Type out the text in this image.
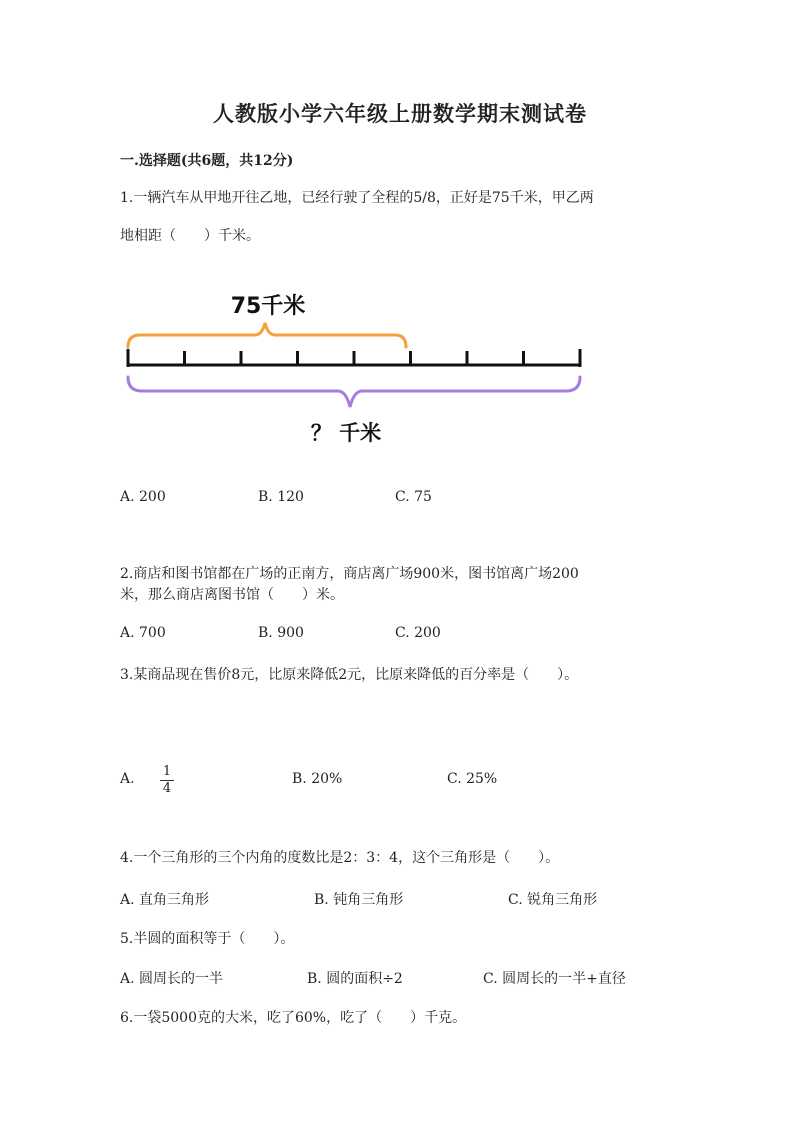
人教版小学六年级上册数学期末测试卷
一.选择题(共6题，共12分)
1.一辆汽车从甲地开往乙地，已经行驶了全程的5/8，正好是75千米，甲乙两
地相距（　　）千米。
75千米
？ 千米
A. 200	B. 120	C. 75
2.商店和图书馆都在广场的正南方，商店离广场900米，图书馆离广场200
米，那么商店离图书馆（　　）米。
A. 700	B. 900	C. 200
3.某商品现在售价8元，比原来降低2元，比原来降低的百分率是（　　）。
A. 1
4
B. 20%	C. 25%
4.一个三角形的三个内角的度数比是2：3：4，这个三角形是（　　）。
A. 直角三角形	B. 钝角三角形	C. 锐角三角形
5.半圆的面积等于（　　）。
A. 圆周长的一半	B. 圆的面积÷2	C. 圆周长的一半+直径
6.一袋5000克的大米，吃了60%，吃了（　　）千克。
